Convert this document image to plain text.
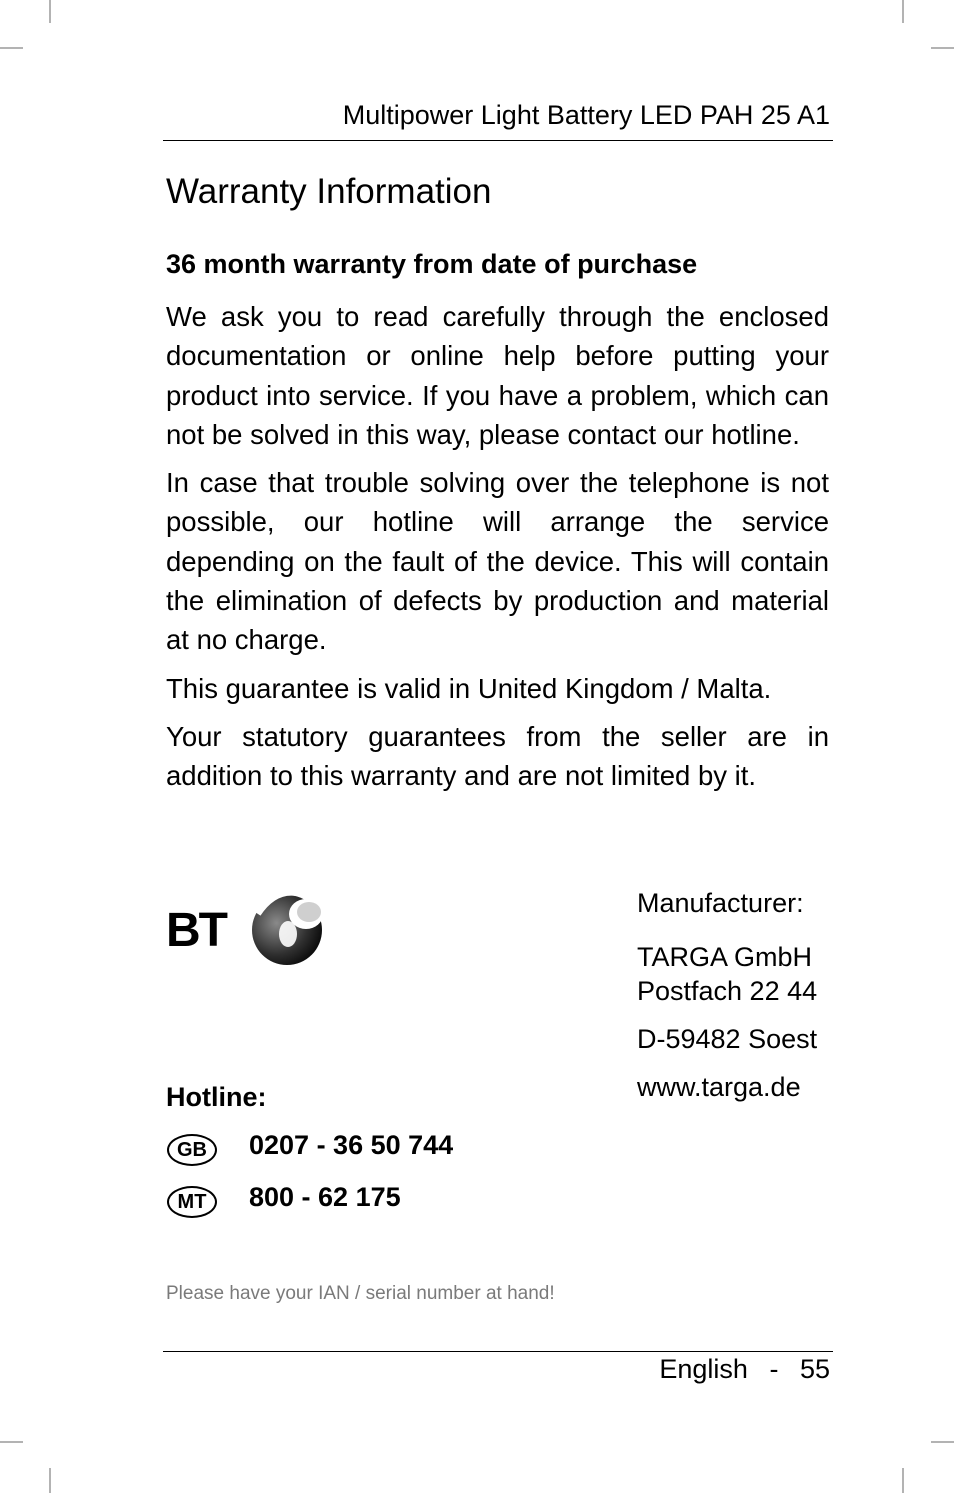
Multipower Light Battery LED PAH 25 A1
Warranty Information
36 month warranty from date of purchase

We ask you to read carefully through the enclosed documentation or online help before putting your product into service. If you have a problem, which can not be solved in this way, please contact our hotline.

In case that trouble solving over the telephone is not possible, our hotline will arrange the service depending on the fault of the device. This will contain the elimination of defects by production and material at no charge.

This guarantee is valid in United Kingdom / Malta.

Your statutory guarantees from the seller are in addition to this warranty and are not limited by it.

BT
Manufacturer:
TARGA GmbH
Postfach 22 44
D-59482 Soest
www.targa.de
Hotline:
GB	0207 - 36 50 744
MT	800 - 62 175
Please have your IAN / serial number at hand!
English - 55
